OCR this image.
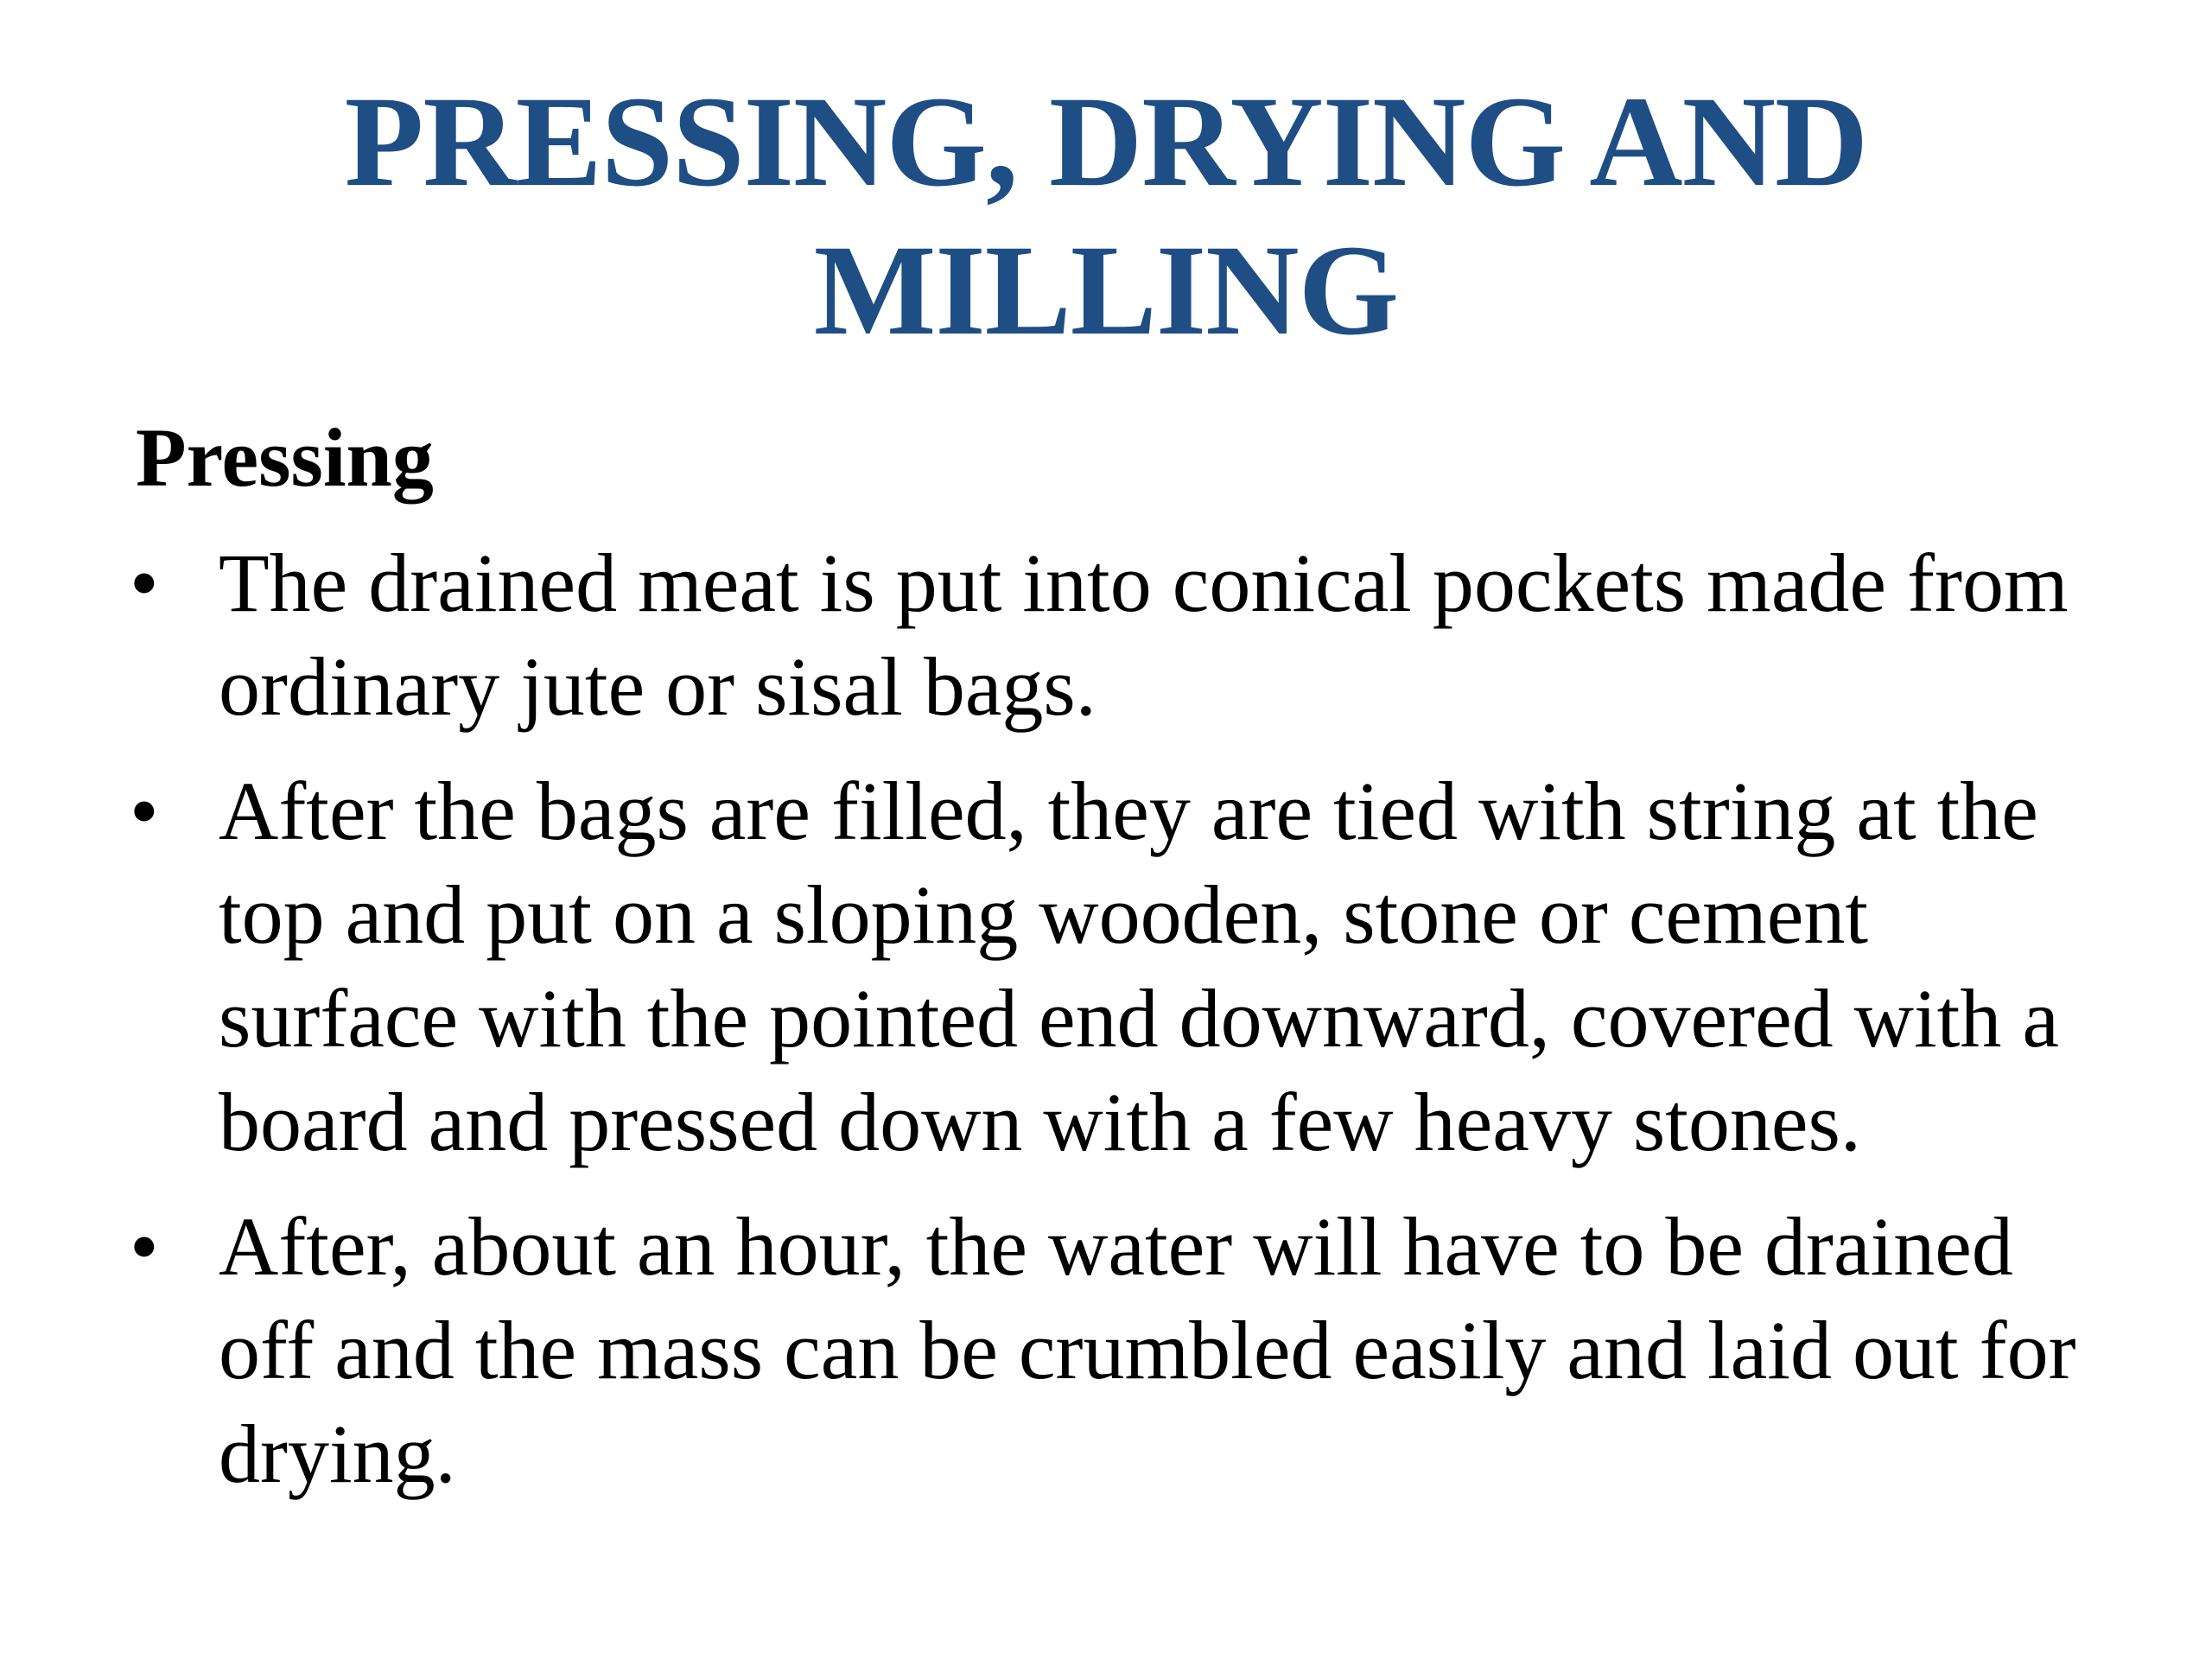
PRESSING, DRYING AND
MILLING
Pressing
• The drained meat is put into conical pockets made from ordinary jute or sisal bags.
• After the bags are filled, they are tied with string at the top and put on a sloping wooden, stone or cement surface with the pointed end downward, covered with a board and pressed down with a few heavy stones.
• After, about an hour, the water will have to be drained off and the mass can be crumbled easily and laid out for drying.
